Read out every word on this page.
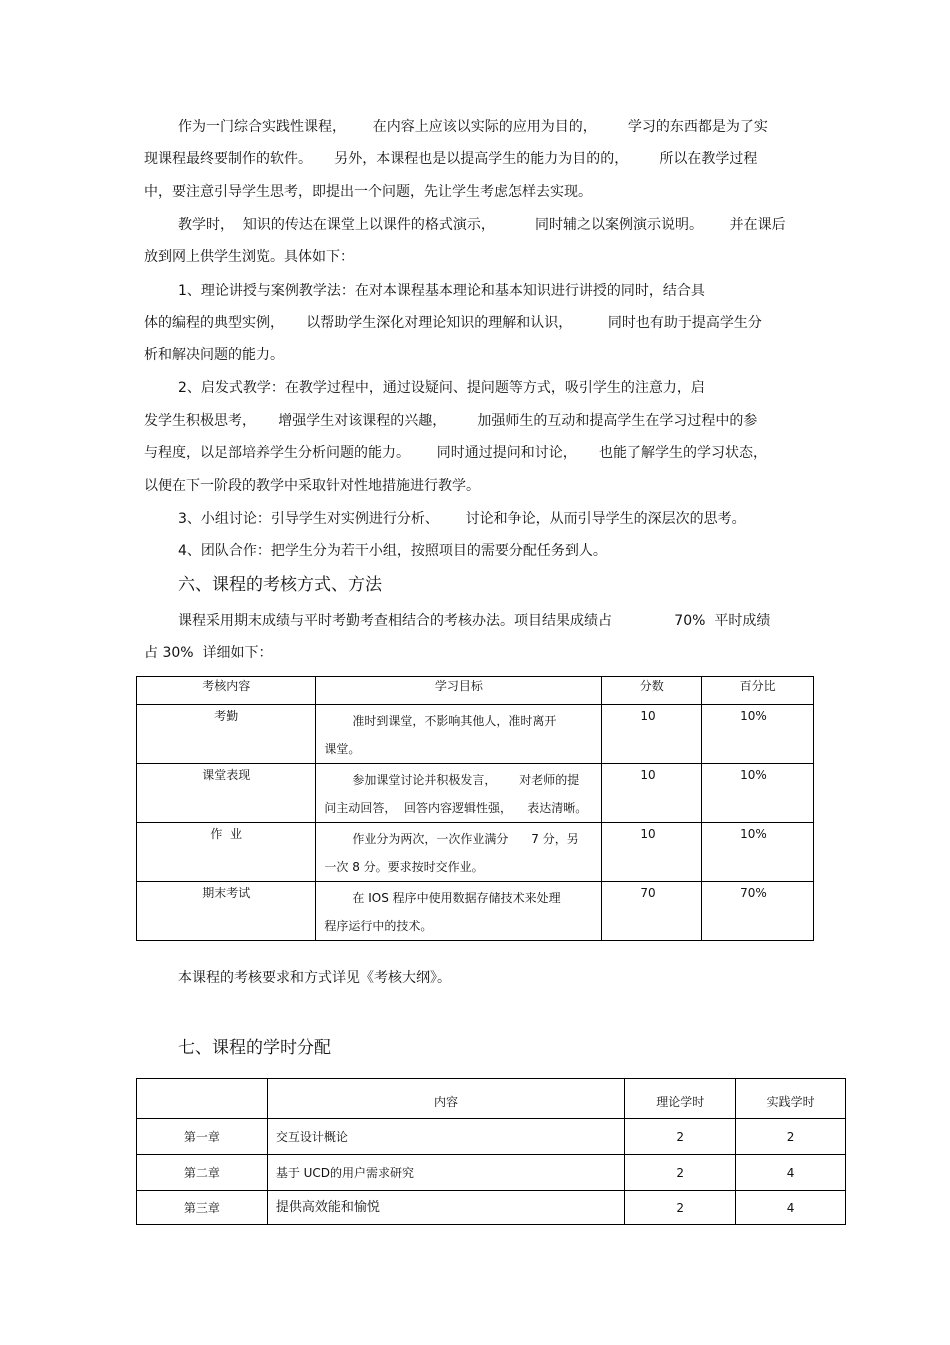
作为一门综合实践性课程，      在内容上应该以实际的应用为目的，       学习的东西都是为了实
现课程最终要制作的软件。     另外，本课程也是以提高学生的能力为目的的，       所以在教学过程
中，要注意引导学生思考，即提出一个问题，先让学生考虑怎样去实现。
教学时，  知识的传达在课堂上以课件的格式演示，         同时辅之以案例演示说明。      并在课后
放到网上供学生浏览。具体如下：
1、理论讲授与案例教学法：在对本课程基本理论和基本知识进行讲授的同时，结合具
体的编程的典型实例，     以帮助学生深化对理论知识的理解和认识，        同时也有助于提高学生分
析和解决问题的能力。
2、启发式教学：在教学过程中，通过设疑问、提问题等方式，吸引学生的注意力，启
发学生积极思考，     增强学生对该课程的兴趣，       加强师生的互动和提高学生在学习过程中的参
与程度，以足部培养学生分析问题的能力。      同时通过提问和讨论，     也能了解学生的学习状态，
以便在下一阶段的教学中采取针对性地措施进行教学。
3、小组讨论：引导学生对实例进行分析、      讨论和争论，从而引导学生的深层次的思考。
4、团队合作：把学生分为若干小组，按照项目的需要分配任务到人。
六、课程的考核方式、方法
课程采用期末成绩与平时考勤考查相结合的考核办法。项目结果成绩占              70%  平时成绩
占 30%  详细如下：
考核内容	学习目标	分数	百分比
考勤	准时到课堂，不影响其他人，准时离开
课堂。	10	10%
课堂表现	参加课堂讨论并积极发言，      对老师的提
问主动回答，  回答内容逻辑性强，    表达清晰。	10	10%
作  业	作业分为两次，一次作业满分      7 分，另
一次 8 分。要求按时交作业。	10	10%
期末考试	在 IOS 程序中使用数据存储技术来处理
程序运行中的技术。	70	70%
本课程的考核要求和方式详见《考核大纲》。
七、课程的学时分配
	内容	理论学时	实践学时
第一章	交互设计概论	2	2
第二章	基于 UCD的用户需求研究	2	4
第三章	提供高效能和愉悦	2	4
